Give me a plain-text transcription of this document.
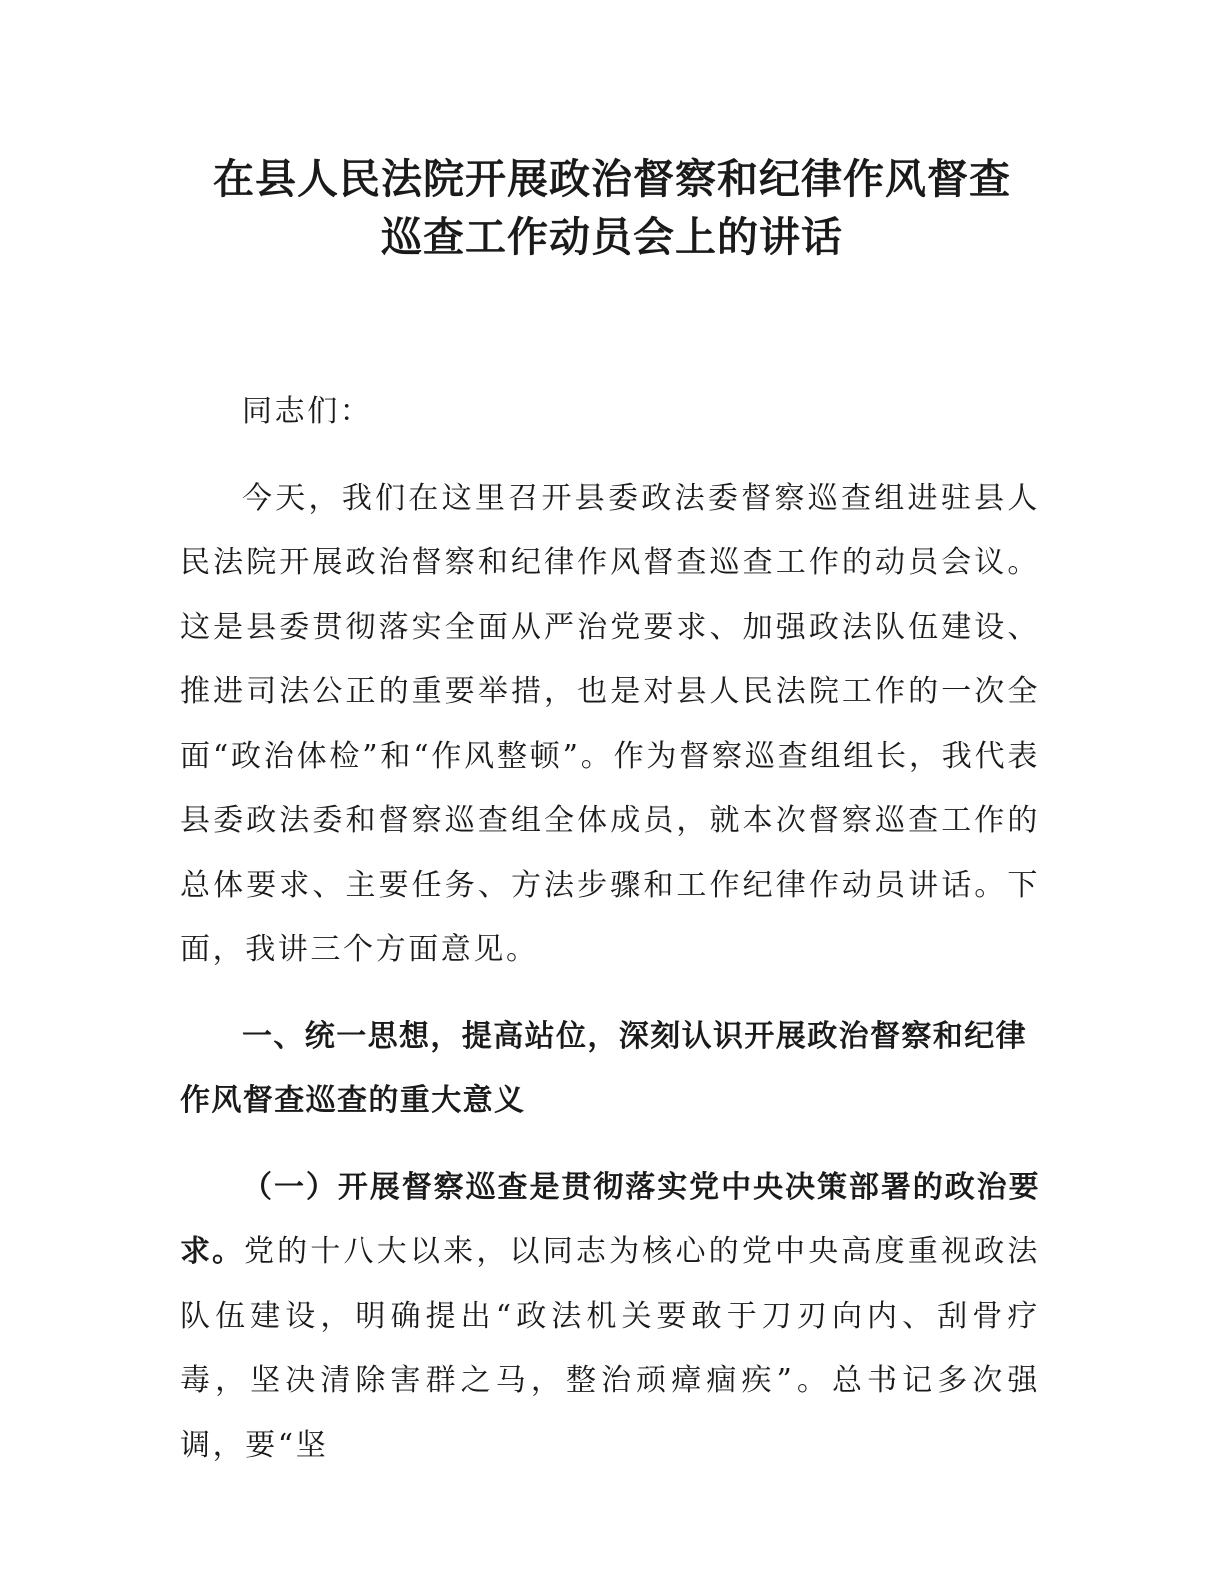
在县人民法院开展政治督察和纪律作风督查
巡查工作动员会上的讲话

同志们：

今天，我们在这里召开县委政法委督察巡查组进驻县人民法院开展政治督察和纪律作风督查巡查工作的动员会议。这是县委贯彻落实全面从严治党要求、加强政法队伍建设、推进司法公正的重要举措，也是对县人民法院工作的一次全面“政治体检”和“作风整顿”。作为督察巡查组组长，我代表县委政法委和督察巡查组全体成员，就本次督察巡查工作的总体要求、主要任务、方法步骤和工作纪律作动员讲话。下面，我讲三个方面意见。

一、统一思想，提高站位，深刻认识开展政治督察和纪律作风督查巡查的重大意义

（一）开展督察巡查是贯彻落实党中央决策部署的政治要求。党的十八大以来，以同志为核心的党中央高度重视政法队伍建设，明确提出“政法机关要敢于刀刃向内、刮骨疗毒，坚决清除害群之马，整治顽瘴痼疾”。总书记多次强调，要“坚
